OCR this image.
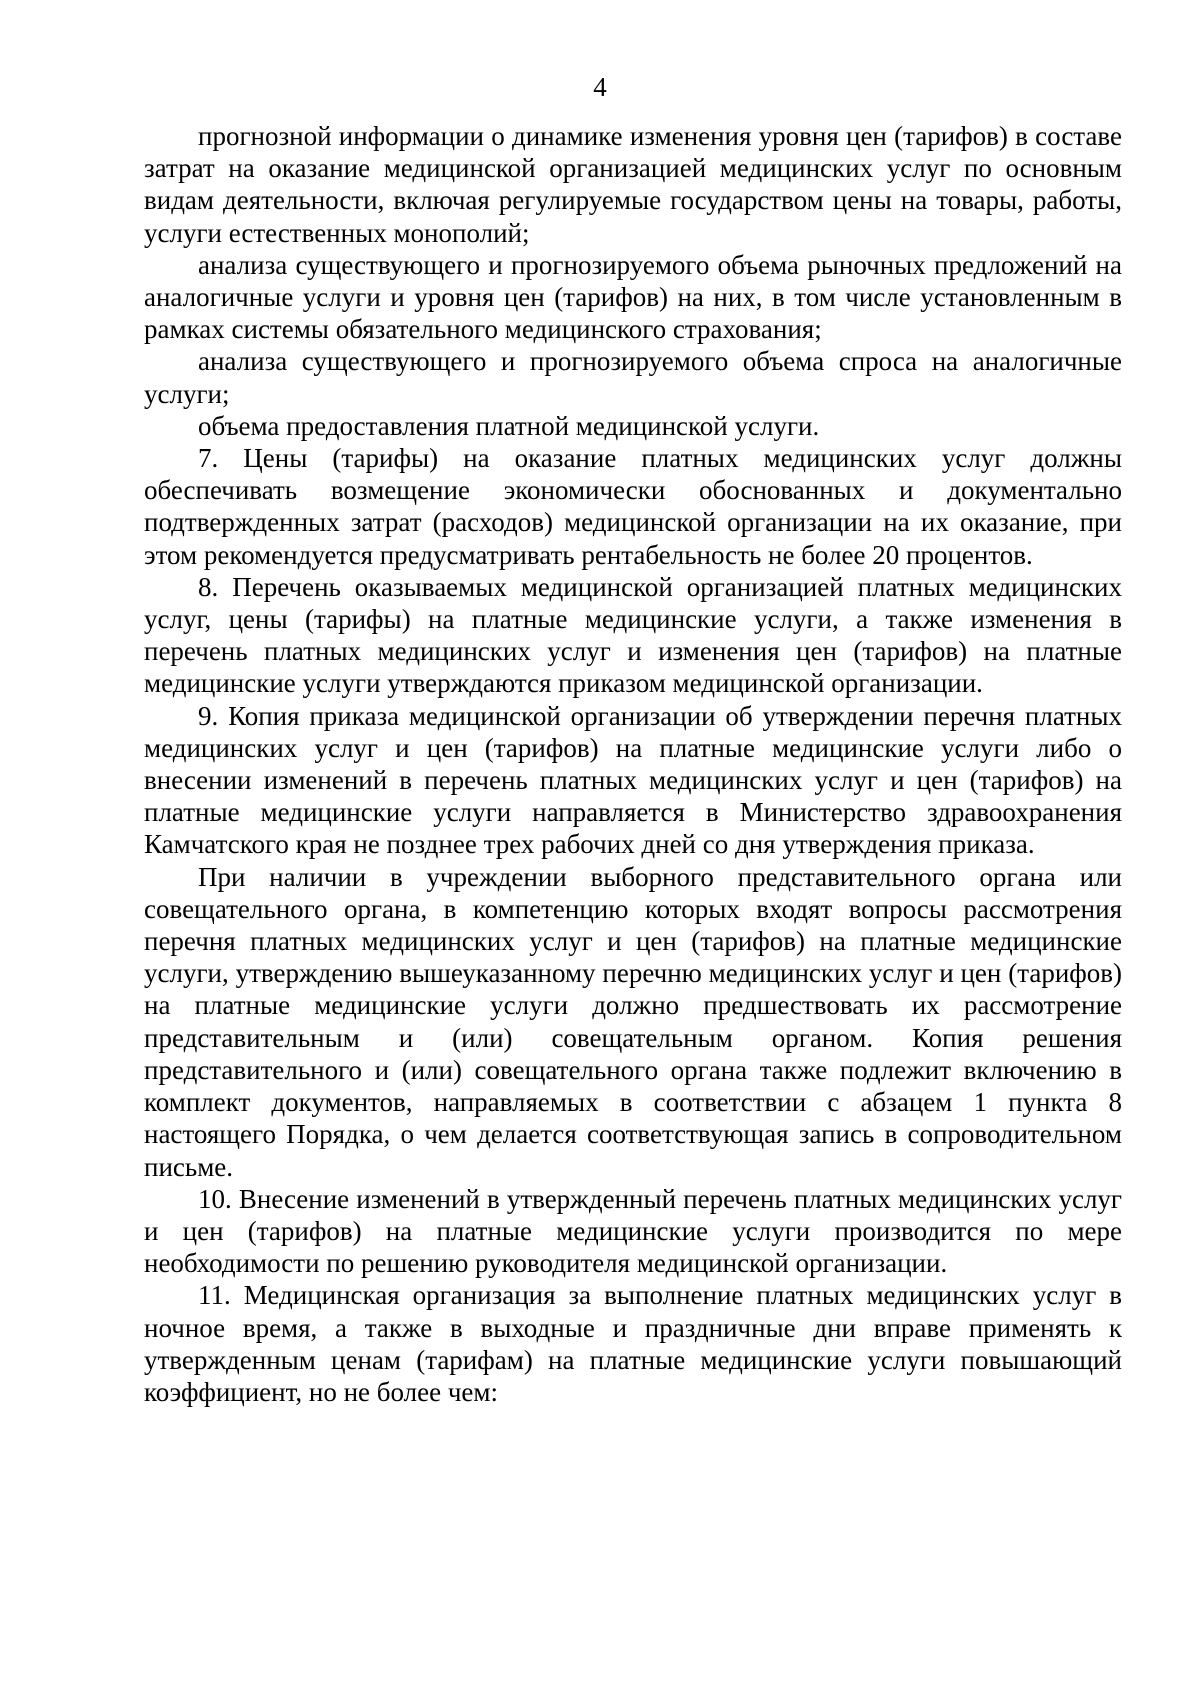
4

прогнозной информации о динамике изменения уровня цен (тарифов) в составе затрат на оказание медицинской организацией медицинских услуг по основным видам деятельности, включая регулируемые государством цены на товары, работы, услуги естественных монополий;

анализа существующего и прогнозируемого объема рыночных предложений на аналогичные услуги и уровня цен (тарифов) на них, в том числе установленным в рамках системы обязательного медицинского страхования;

анализа существующего и прогнозируемого объема спроса на аналогичные услуги;

объема предоставления платной медицинской услуги.

7. Цены (тарифы) на оказание платных медицинских услуг должны обеспечивать возмещение экономически обоснованных и документально подтвержденных затрат (расходов) медицинской организации на их оказание, при этом рекомендуется предусматривать рентабельность не более 20 процентов.

8. Перечень оказываемых медицинской организацией платных медицинских услуг, цены (тарифы) на платные медицинские услуги, а также изменения в перечень платных медицинских услуг и изменения цен (тарифов) на платные медицинские услуги утверждаются приказом медицинской организации.

9. Копия приказа медицинской организации об утверждении перечня платных медицинских услуг и цен (тарифов) на платные медицинские услуги либо о внесении изменений в перечень платных медицинских услуг и цен (тарифов) на платные медицинские услуги направляется в Министерство здравоохранения Камчатского края не позднее трех рабочих дней со дня утверждения приказа.

При наличии в учреждении выборного представительного органа или совещательного органа, в компетенцию которых входят вопросы рассмотрения перечня платных медицинских услуг и цен (тарифов) на платные медицинские услуги, утверждению вышеуказанному перечню медицинских услуг и цен (тарифов) на платные медицинские услуги должно предшествовать их рассмотрение представительным и (или) совещательным органом. Копия решения представительного и (или) совещательного органа также подлежит включению в комплект документов, направляемых в соответствии с абзацем 1 пункта 8 настоящего Порядка, о чем делается соответствующая запись в сопроводительном письме.

10. Внесение изменений в утвержденный перечень платных медицинских услуг и цен (тарифов) на платные медицинские услуги производится по мере необходимости по решению руководителя медицинской организации.

11. Медицинская организация за выполнение платных медицинских услуг в ночное время, а также в выходные и праздничные дни вправе применять к утвержденным ценам (тарифам) на платные медицинские услуги повышающий коэффициент, но не более чем:
